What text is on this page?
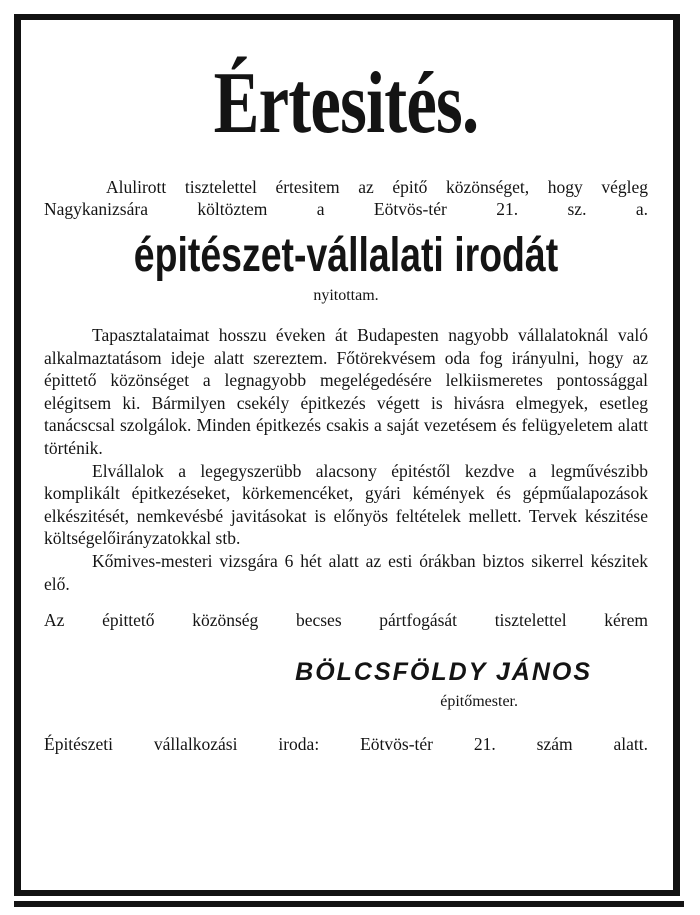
Értesités.

Alulirott tisztelettel értesitem az épitő közönséget, hogy végleg Nagykanizsára költöztem a Eötvös-tér 21. sz. a.

épitészet-vállalati irodát
nyitottam.

Tapasztalataimat hosszu éveken át Budapesten nagyobb vállalatoknál való alkalmaztatásom ideje alatt szereztem. Főtörekvésem oda fog irányulni, hogy az épittető közönséget a legnagyobb megelégedésére lelkiismeretes pontossággal elégitsem ki. Bármilyen csekély épitkezés végett is hivásra elmegyek, esetleg tanácscsal szolgálok. Minden épitkezés csakis a saját vezetésem és felügyeletem alatt történik.

Elvállalok a legegyszerübb alacsony épitéstől kezdve a legművészibb komplikált épitkezéseket, körkemencéket, gyári kémények és gépműalapozások elkészitését, nemkevésbé javitásokat is előnyös feltételek mellett. Tervek készitése költségelőirányzatokkal stb.

Kőmives-mesteri vizsgára 6 hét alatt az esti órákban biztos sikerrel készitek elő.

Az épittető közönség becses pártfogását tisztelettel kérem

BÖLCSFÖLDY JÁNOS
épitőmester.
Épitészeti vállalkozási iroda: Eötvös-tér 21. szám alatt.
